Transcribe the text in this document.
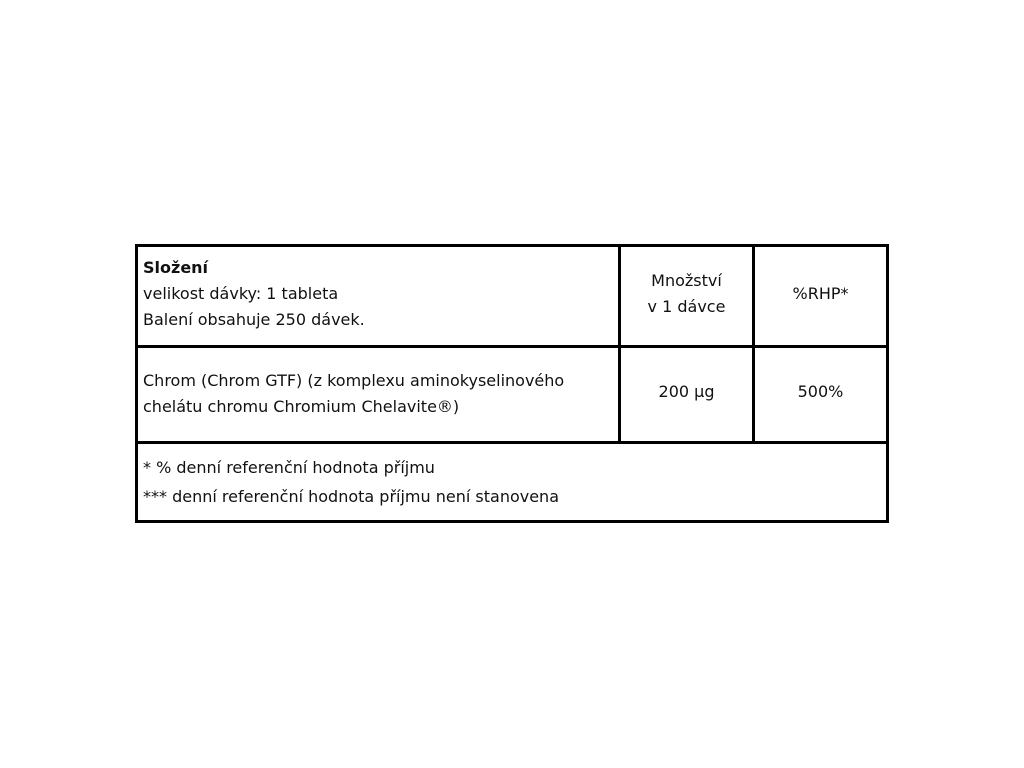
Složení
velikost dávky: 1 tableta
Balení obsahuje 250 dávek.
Množství
v 1 dávce
%RHP*
Chrom (Chrom GTF) (z komplexu aminokyselinového
chelátu chromu Chromium Chelavite®)
200 µg	500%
* % denní referenční hodnota příjmu
*** denní referenční hodnota příjmu není stanovena
